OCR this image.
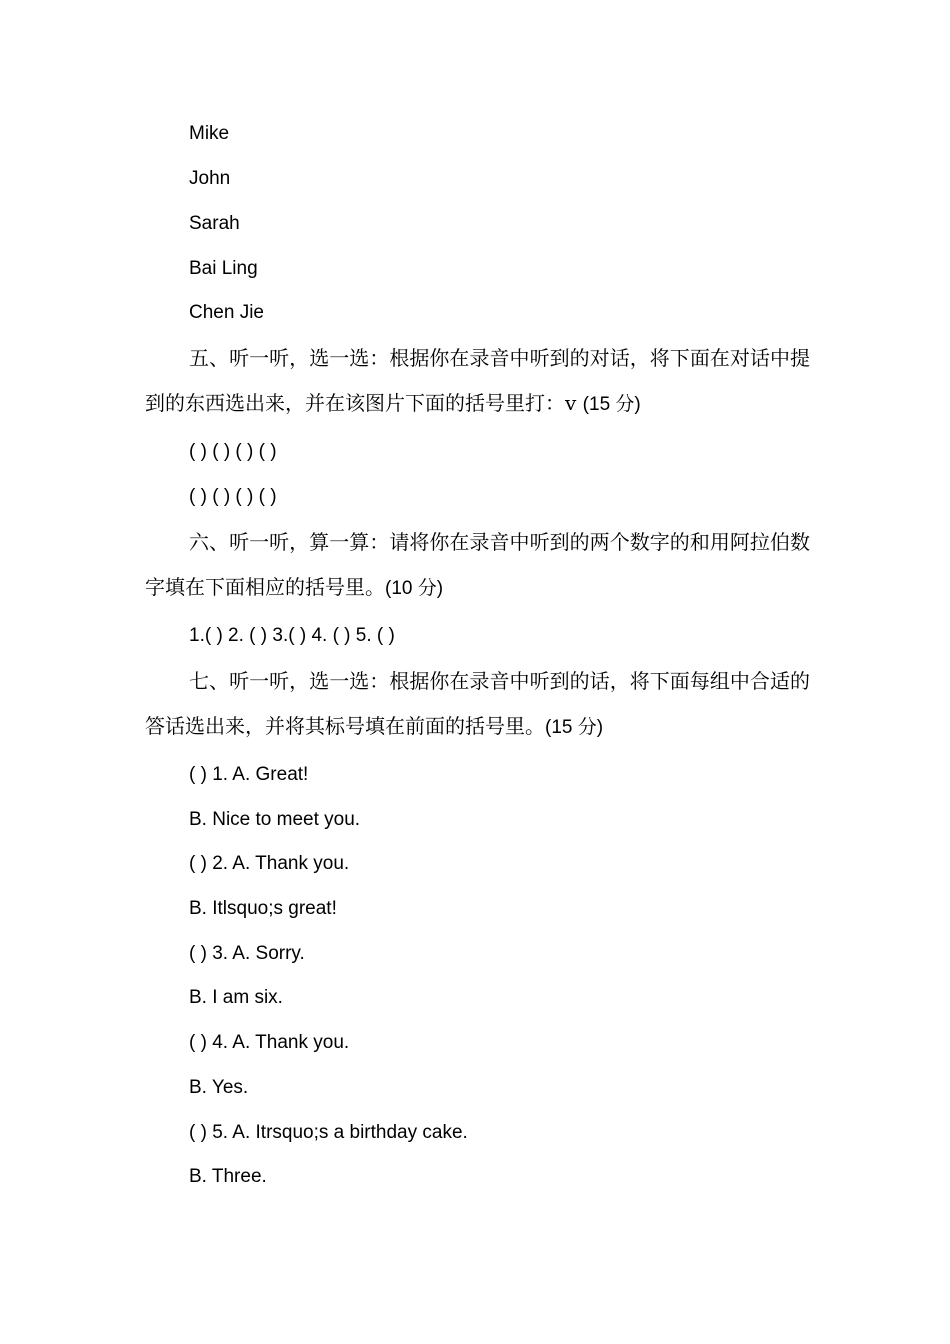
Mike
John
Sarah
Bai Ling
Chen Jie
五、听一听，选一选：根据你在录音中听到的对话，将下面在对话中提到的东西选出来，并在该图片下面的括号里打：v (15 分)
( ) ( ) ( ) ( )
( ) ( ) ( ) ( )
六、听一听，算一算：请将你在录音中听到的两个数字的和用阿拉伯数字填在下面相应的括号里。(10 分)
1.( ) 2. ( ) 3.( ) 4. ( ) 5. ( )
七、听一听，选一选：根据你在录音中听到的话，将下面每组中合适的答话选出来，并将其标号填在前面的括号里。(15 分)
( ) 1. A. Great!
B. Nice to meet you.
( ) 2. A. Thank you.
B. Itlsquo;s great!
( ) 3. A. Sorry.
B. I am six.
( ) 4. A. Thank you.
B. Yes.
( ) 5. A. Itrsquo;s a birthday cake.
B. Three.
